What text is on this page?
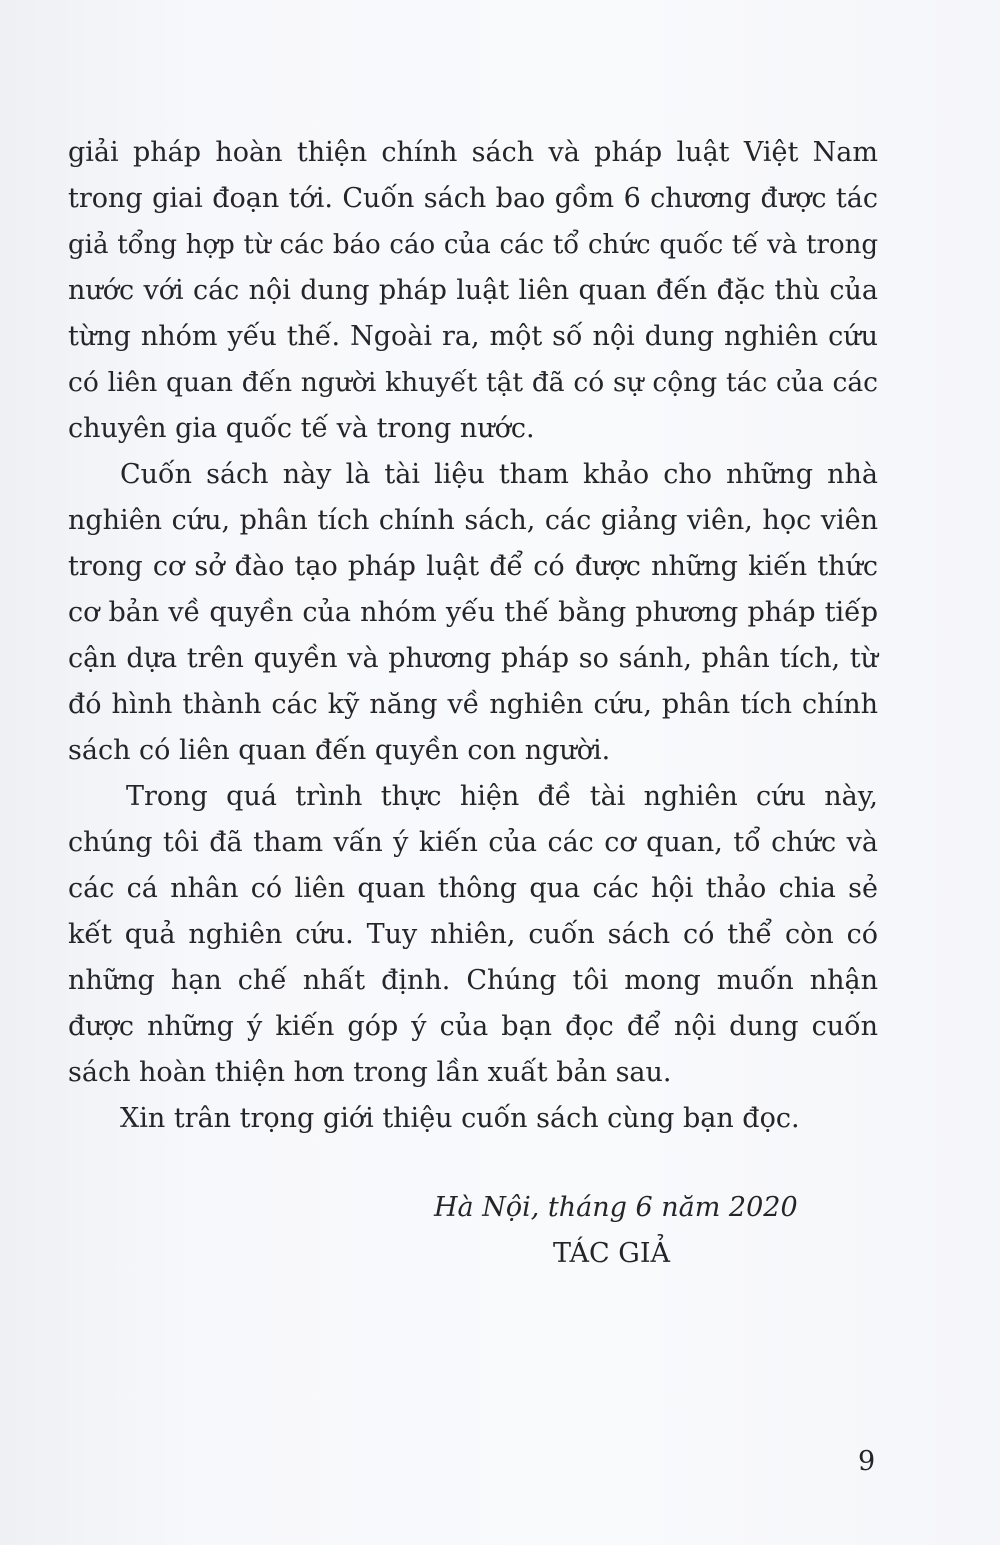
giải pháp hoàn thiện chính sách và pháp luật Việt Nam
trong giai đoạn tới. Cuốn sách bao gồm 6 chương được tác
giả tổng hợp từ các báo cáo của các tổ chức quốc tế và trong
nước với các nội dung pháp luật liên quan đến đặc thù của
từng nhóm yếu thế. Ngoài ra, một số nội dung nghiên cứu
có liên quan đến người khuyết tật đã có sự cộng tác của các
chuyên gia quốc tế và trong nước.
Cuốn sách này là tài liệu tham khảo cho những nhà
nghiên cứu, phân tích chính sách, các giảng viên, học viên
trong cơ sở đào tạo pháp luật để có được những kiến thức
cơ bản về quyền của nhóm yếu thế bằng phương pháp tiếp
cận dựa trên quyền và phương pháp so sánh, phân tích, từ
đó hình thành các kỹ năng về nghiên cứu, phân tích chính
sách có liên quan đến quyền con người.
Trong quá trình thực hiện đề tài nghiên cứu này,
chúng tôi đã tham vấn ý kiến của các cơ quan, tổ chức và
các cá nhân có liên quan thông qua các hội thảo chia sẻ
kết quả nghiên cứu. Tuy nhiên, cuốn sách có thể còn có
những hạn chế nhất định. Chúng tôi mong muốn nhận
được những ý kiến góp ý của bạn đọc để nội dung cuốn
sách hoàn thiện hơn trong lần xuất bản sau.
Xin trân trọng giới thiệu cuốn sách cùng bạn đọc.
Hà Nội, tháng 6 năm 2020
TÁC GIẢ
9
